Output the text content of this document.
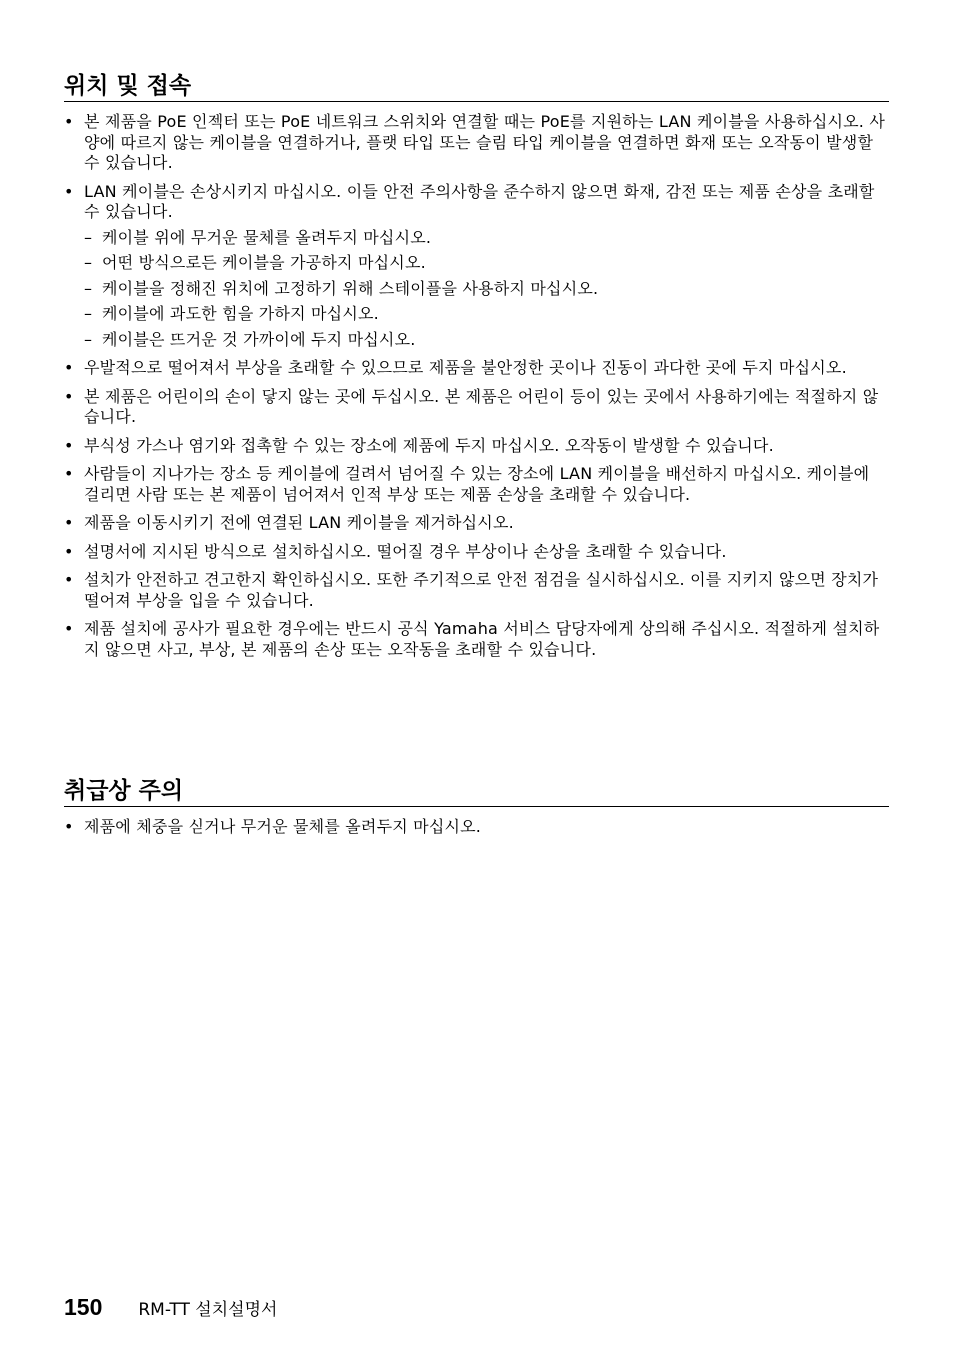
위치 및 접속
• 본 제품을 PoE 인젝터 또는 PoE 네트워크 스위치와 연결할 때는 PoE를 지원하는 LAN 케이블을 사용하십시오. 사양에 따르지 않는 케이블을 연결하거나, 플랫 타입 또는 슬림 타입 케이블을 연결하면 화재 또는 오작동이 발생할 수 있습니다.
• LAN 케이블은 손상시키지 마십시오. 이들 안전 주의사항을 준수하지 않으면 화재, 감전 또는 제품 손상을 초래할 수 있습니다.
– 케이블 위에 무거운 물체를 올려두지 마십시오.
– 어떤 방식으로든 케이블을 가공하지 마십시오.
– 케이블을 정해진 위치에 고정하기 위해 스테이플을 사용하지 마십시오.
– 케이블에 과도한 힘을 가하지 마십시오.
– 케이블은 뜨거운 것 가까이에 두지 마십시오.
• 우발적으로 떨어져서 부상을 초래할 수 있으므로 제품을 불안정한 곳이나 진동이 과다한 곳에 두지 마십시오.
• 본 제품은 어린이의 손이 닿지 않는 곳에 두십시오. 본 제품은 어린이 등이 있는 곳에서 사용하기에는 적절하지 않습니다.
• 부식성 가스나 염기와 접촉할 수 있는 장소에 제품에 두지 마십시오. 오작동이 발생할 수 있습니다.
• 사람들이 지나가는 장소 등 케이블에 걸려서 넘어질 수 있는 장소에 LAN 케이블을 배선하지 마십시오. 케이블에 걸리면 사람 또는 본 제품이 넘어져서 인적 부상 또는 제품 손상을 초래할 수 있습니다.
• 제품을 이동시키기 전에 연결된 LAN 케이블을 제거하십시오.
• 설명서에 지시된 방식으로 설치하십시오. 떨어질 경우 부상이나 손상을 초래할 수 있습니다.
• 설치가 안전하고 견고한지 확인하십시오. 또한 주기적으로 안전 점검을 실시하십시오. 이를 지키지 않으면 장치가 떨어져 부상을 입을 수 있습니다.
• 제품 설치에 공사가 필요한 경우에는 반드시 공식 Yamaha 서비스 담당자에게 상의해 주십시오. 적절하게 설치하지 않으면 사고, 부상, 본 제품의 손상 또는 오작동을 초래할 수 있습니다.
취급상 주의
• 제품에 체중을 싣거나 무거운 물체를 올려두지 마십시오.
150 RM-TT 설치설명서
